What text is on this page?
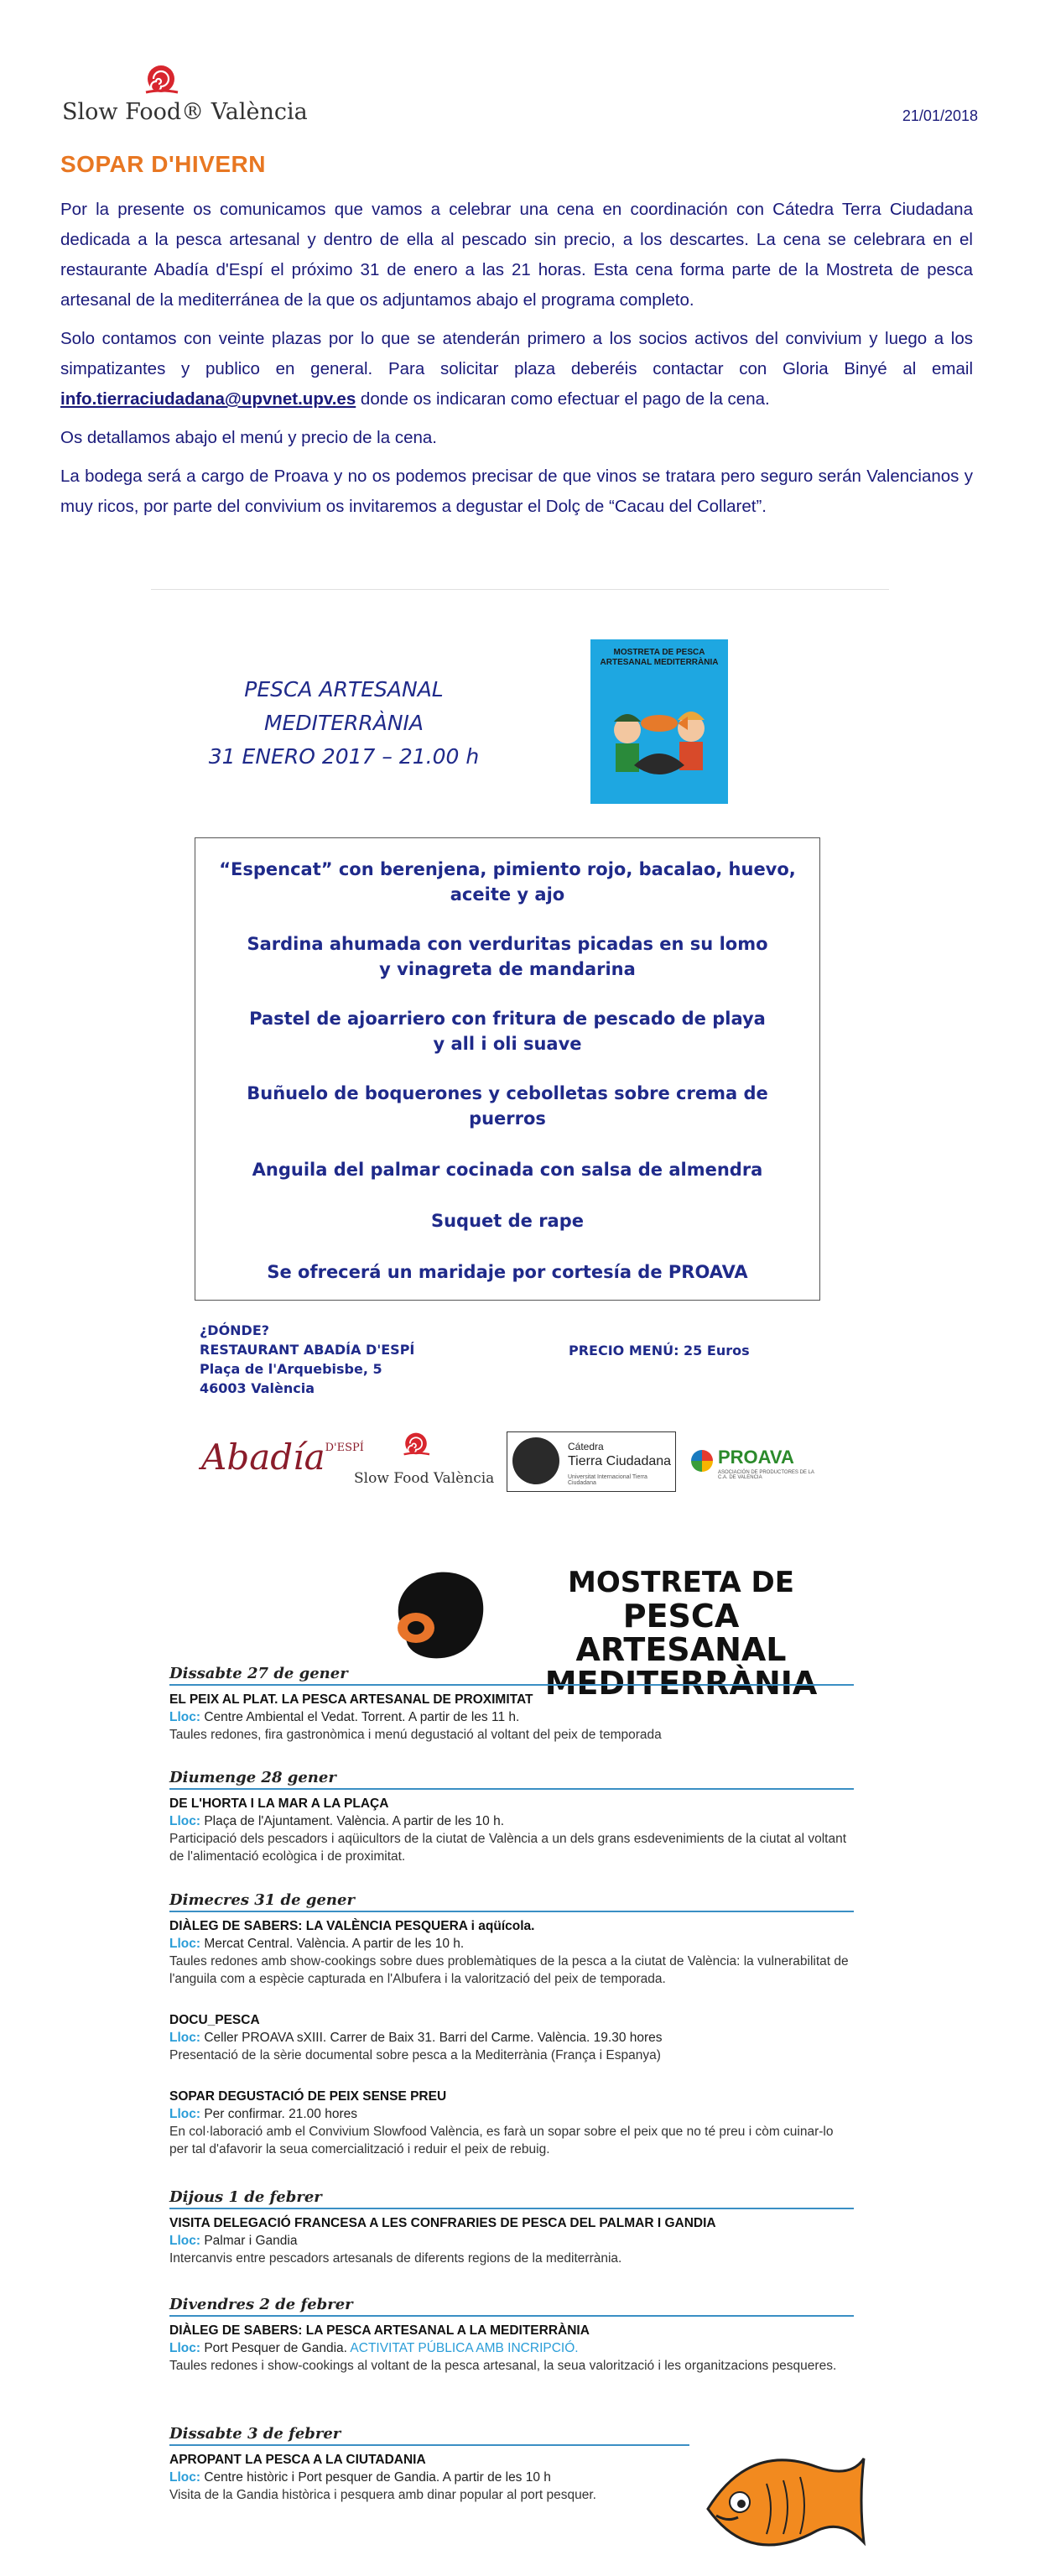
Slow Food® València	21/01/2018
SOPAR D'HIVERN

Por la presente os comunicamos que vamos a celebrar una cena en coordinación con Cátedra Terra Ciudadana dedicada a la pesca artesanal y dentro de ella al pescado sin precio, a los descartes. La cena se celebrara en el restaurante Abadía d'Espí el próximo 31 de enero a las 21 horas. Esta cena forma parte de la Mostreta de pesca artesanal de la mediterránea de la que os adjuntamos abajo el programa completo.

Solo contamos con veinte plazas por lo que se atenderán primero a los socios activos del convivium y luego a los simpatizantes y publico en general. Para solicitar plaza deberéis contactar con Gloria Binyé al email info.tierraciudadana@upvnet.upv.es donde os indicaran como efectuar el pago de la cena.

Os detallamos abajo el menú y precio de la cena.

La bodega será a cargo de Proava y no os podemos precisar de que vinos se tratara pero seguro serán Valencianos y muy ricos, por parte del convivium os invitaremos a degustar el Dolç de “Cacau del Collaret”.

PESCA ARTESANAL
MEDITERRÀNIA
31 ENERO 2017 – 21.00 h
MOSTRETA DE PESCA ARTESANAL MEDITERRÀNIA
“Espencat” con berenjena, pimiento rojo, bacalao, huevo,
aceite y ajo
Sardina ahumada con verduritas picadas en su lomo
y vinagreta de mandarina
Pastel de ajoarriero con fritura de pescado de playa
y all i oli suave
Buñuelo de boquerones y cebolletas sobre crema de puerros
Anguila del palmar cocinada con salsa de almendra
Suquet de rape
Se ofrecerá un maridaje por cortesía de PROAVA
¿DÓNDE?
RESTAURANT ABADÍA D'ESPÍ
Plaça de l'Arquebisbe, 5
46003 València
PRECIO MENÚ: 25 Euros
Abadía$^{D'ESPÍ}$
Slow Food València
Cátedra
Tierra Ciudadana
Universitat Internacional Tierra Ciudadana
PROAVA
ASOCIACIÓN DE PRODUCTORES DE LA C.A. DE VALENCIA
MOSTRETA DE
PESCA ARTESANAL
MEDITERRÀNIA
Dissabte 27 de gener
EL PEIX AL PLAT. LA PESCA ARTESANAL DE PROXIMITAT
Lloc: Centre Ambiental el Vedat. Torrent. A partir de les 11 h.
Taules redones, fira gastronòmica i menú degustació al voltant del peix de temporada
Diumenge 28 gener
DE L'HORTA I LA MAR A LA PLAÇA
Lloc: Plaça de l'Ajuntament. València. A partir de les 10 h.
Participació dels pescadors i aqüicultors de la ciutat de València a un dels grans esdevenimients de la ciutat al voltant de l'alimentació ecològica i de proximitat.
Dimecres 31 de gener
DIÀLEG DE SABERS: LA VALÈNCIA PESQUERA i aqüícola.
Lloc: Mercat Central. València. A partir de les 10 h.
Taules redones amb show-cookings sobre dues problemàtiques de la pesca a la ciutat de València: la vulnerabilitat de l'anguila com a espècie capturada en l'Albufera i la valorització del peix de temporada.
DOCU_PESCA
Lloc: Celler PROAVA sXIII. Carrer de Baix 31. Barri del Carme. València. 19.30 hores
Presentació de la sèrie documental sobre pesca a la Mediterrània (França i Espanya)
SOPAR DEGUSTACIÓ DE PEIX SENSE PREU
Lloc: Per confirmar. 21.00 hores
En col·laboració amb el Convivium Slowfood València, es farà un sopar sobre el peix que no té preu i còm cuinar-lo per tal d'afavorir la seua comercialització i reduir el peix de rebuig.
Dijous 1 de febrer
VISITA DELEGACIÓ FRANCESA A LES CONFRARIES DE PESCA DEL PALMAR I GANDIA
Lloc: Palmar i Gandia
Intercanvis entre pescadors artesanals de diferents regions de la mediterrània.
Divendres 2 de febrer
DIÀLEG DE SABERS: LA PESCA ARTESANAL A LA MEDITERRÀNIA
Lloc: Port Pesquer de Gandia. ACTIVITAT PÚBLICA AMB INCRIPCIÓ.
Taules redones i show-cookings al voltant de la pesca artesanal, la seua valorització i les organitzacions pesqueres.
Dissabte 3 de febrer
APROPANT LA PESCA A LA CIUTADANIA
Lloc: Centre històric i Port pesquer de Gandia. A partir de les 10 h
Visita de la Gandia històrica i pesquera amb dinar popular al port pesquer.
